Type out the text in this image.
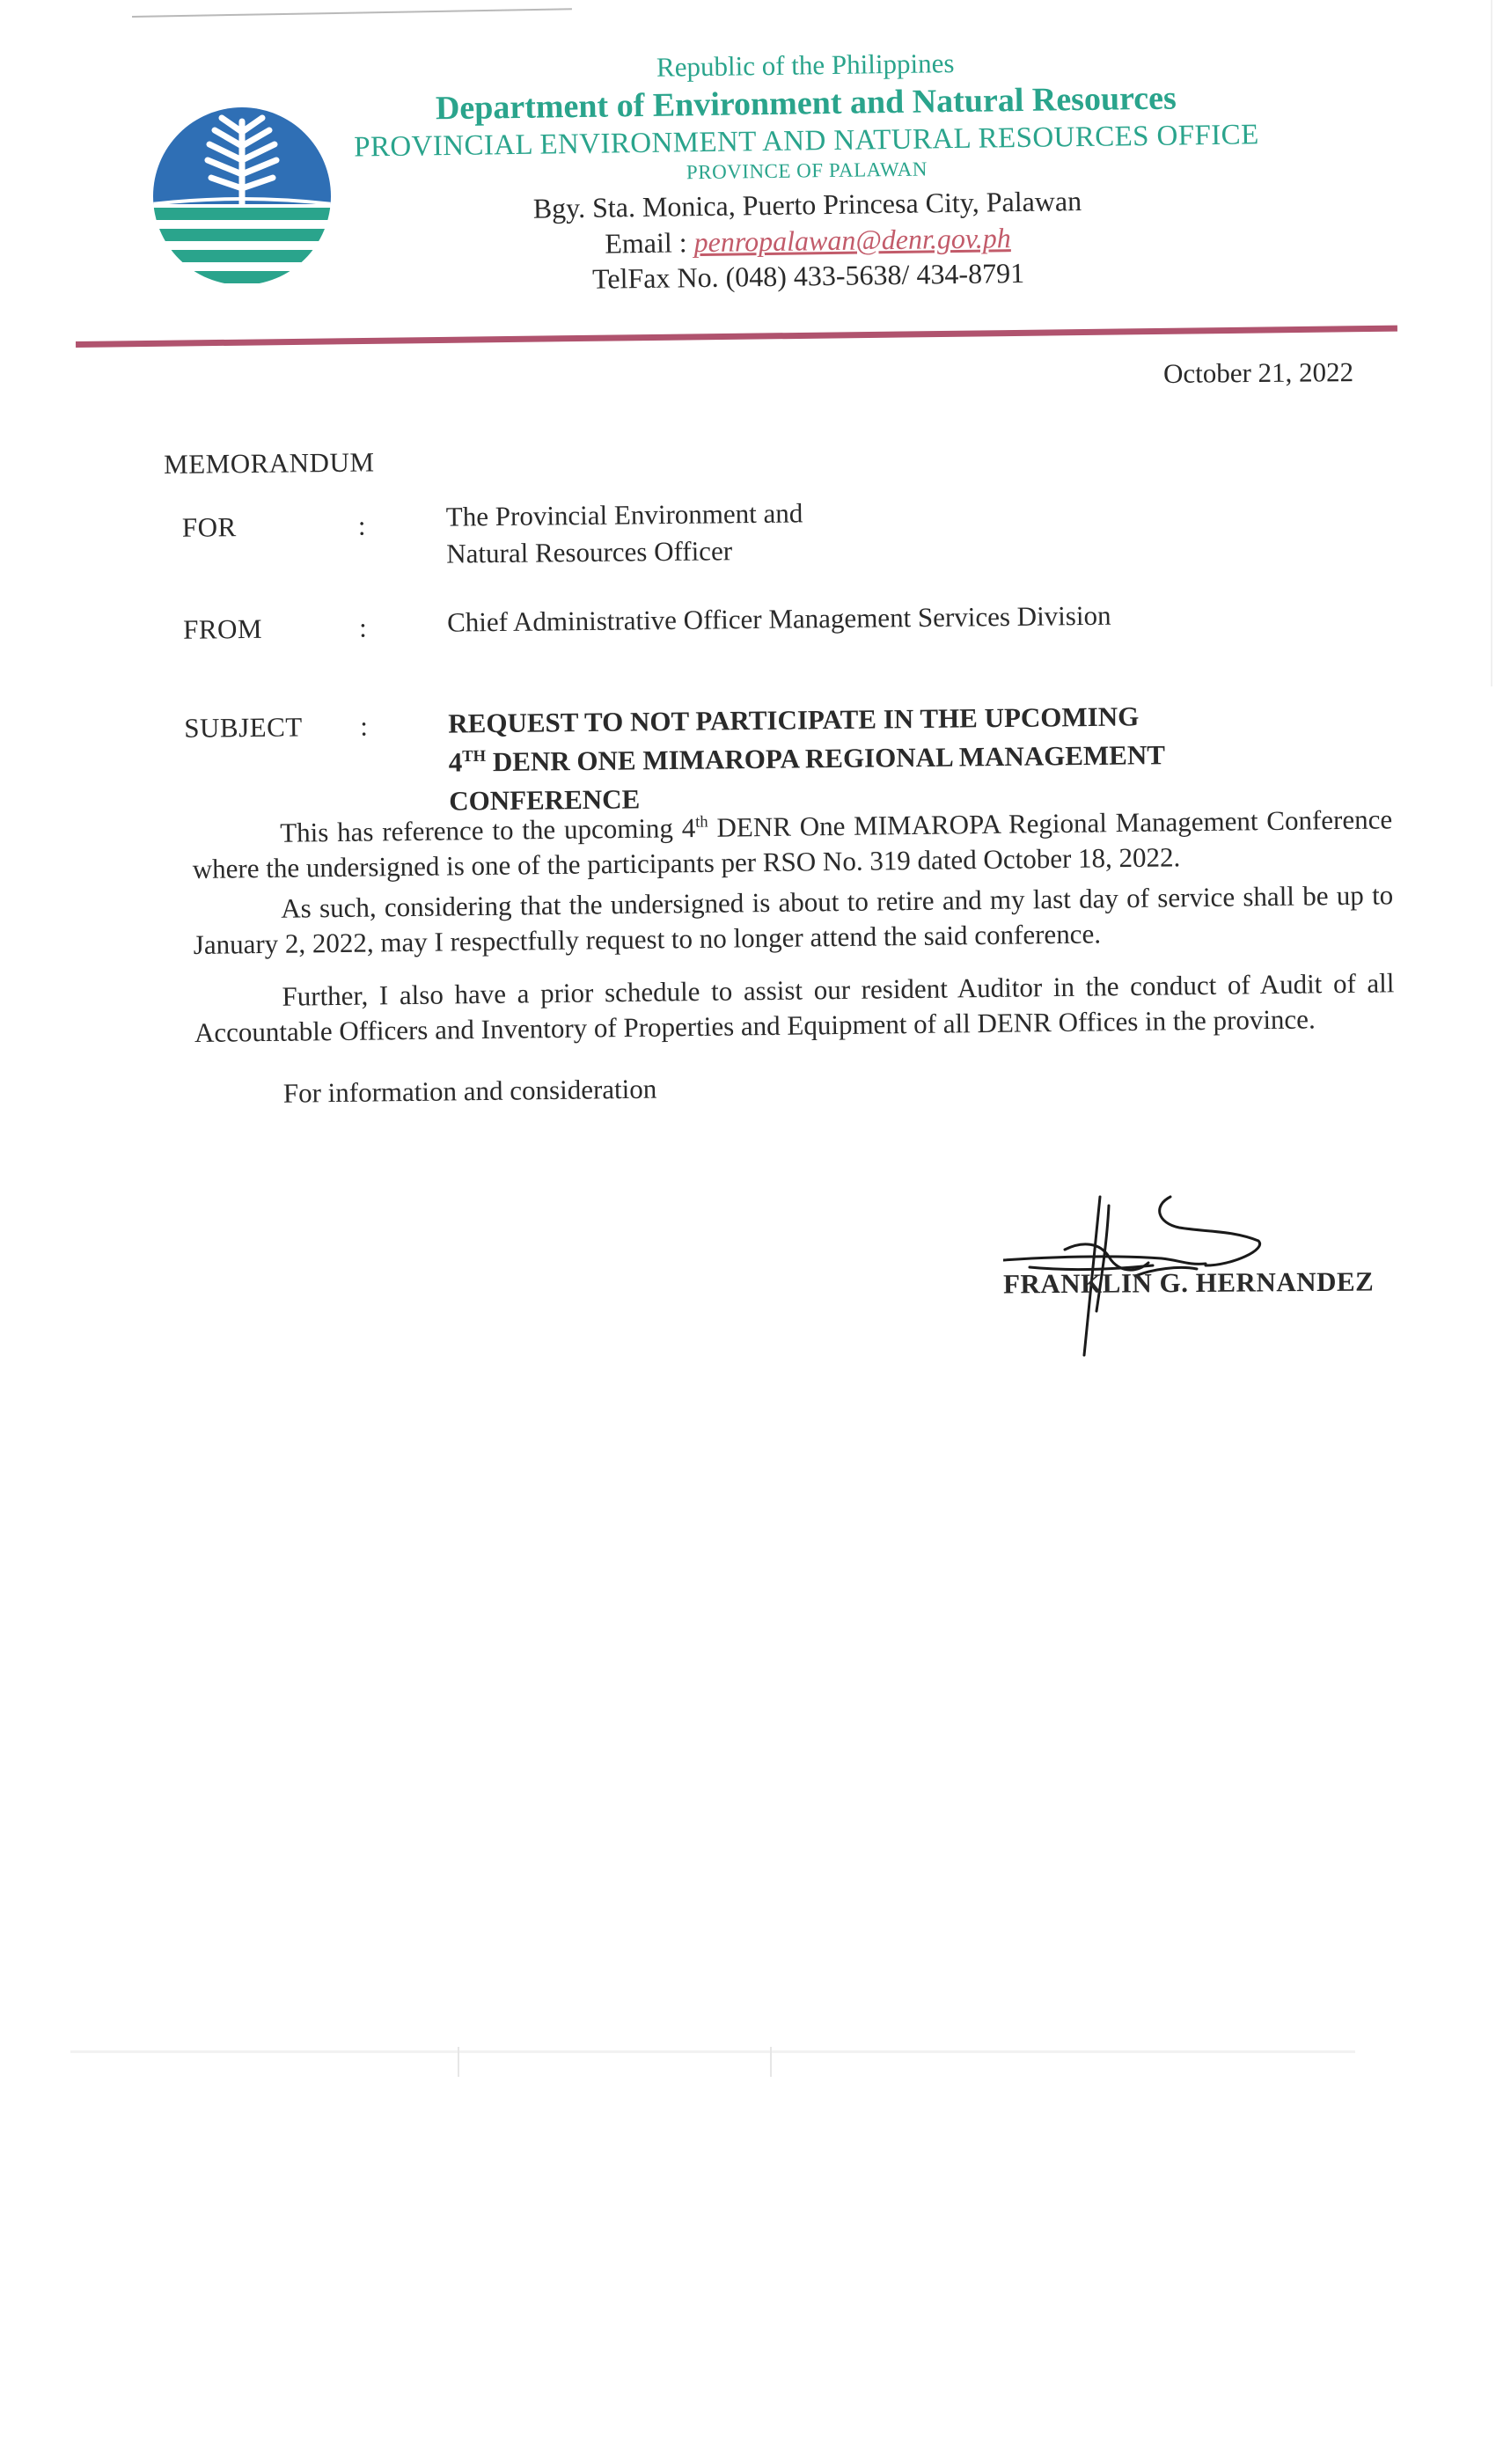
Republic of the Philippines
Department of Environment and Natural Resources
PROVINCIAL ENVIRONMENT AND NATURAL RESOURCES OFFICE
PROVINCE OF PALAWAN
Bgy. Sta. Monica, Puerto Princesa City, Palawan
Email : penropalawan@denr.gov.ph
TelFax No. (048) 433-5638/ 434-8791
October 21, 2022
MEMORANDUM
FOR	:	The Provincial Environment and
Natural Resources Officer
FROM	:	Chief Administrative Officer Management Services Division
SUBJECT :	REQUEST TO NOT PARTICIPATE IN THE UPCOMING
4TH DENR ONE MIMAROPA REGIONAL MANAGEMENT
CONFERENCE

This has reference to the upcoming 4th DENR One MIMAROPA Regional Management Conference where the undersigned is one of the participants per RSO No. 319 dated October 18, 2022.

As such, considering that the undersigned is about to retire and my last day of service shall be up to January 2, 2022, may I respectfully request to no longer attend the said conference.

Further, I also have a prior schedule to assist our resident Auditor in the conduct of Audit of all Accountable Officers and Inventory of Properties and Equipment of all DENR Offices in the province.

For information and consideration

FRANKLIN G. HERNANDEZ
